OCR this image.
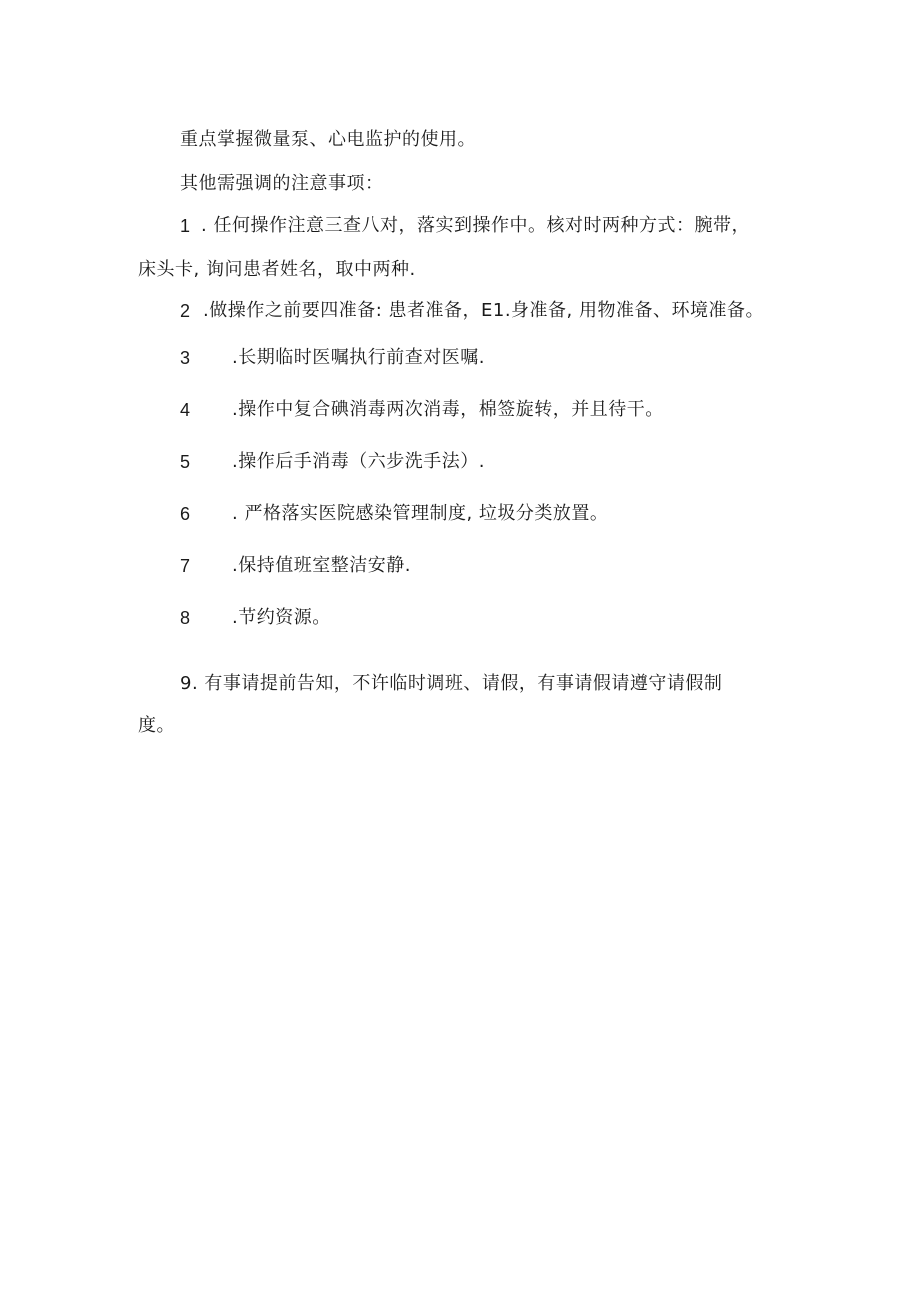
重点掌握微量泵、心电监护的使用。
其他需强调的注意事项：
1 . 任何操作注意三查八对，落实到操作中。核对时两种方式：腕带，
床头卡, 询问患者姓名，取中两种.
2 .做操作之前要四准备: 患者准备，E1.身准备, 用物准备、环境准备。
3 .长期临时医嘱执行前查对医嘱.
4 .操作中复合碘消毒两次消毒，棉签旋转，并且待干。
5 .操作后手消毒（六步洗手法）.
6 . 严格落实医院感染管理制度, 垃圾分类放置。
7 .保持值班室整洁安静.
8 .节约资源。
9. 有事请提前告知，不许临时调班、请假，有事请假请遵守请假制
度。
